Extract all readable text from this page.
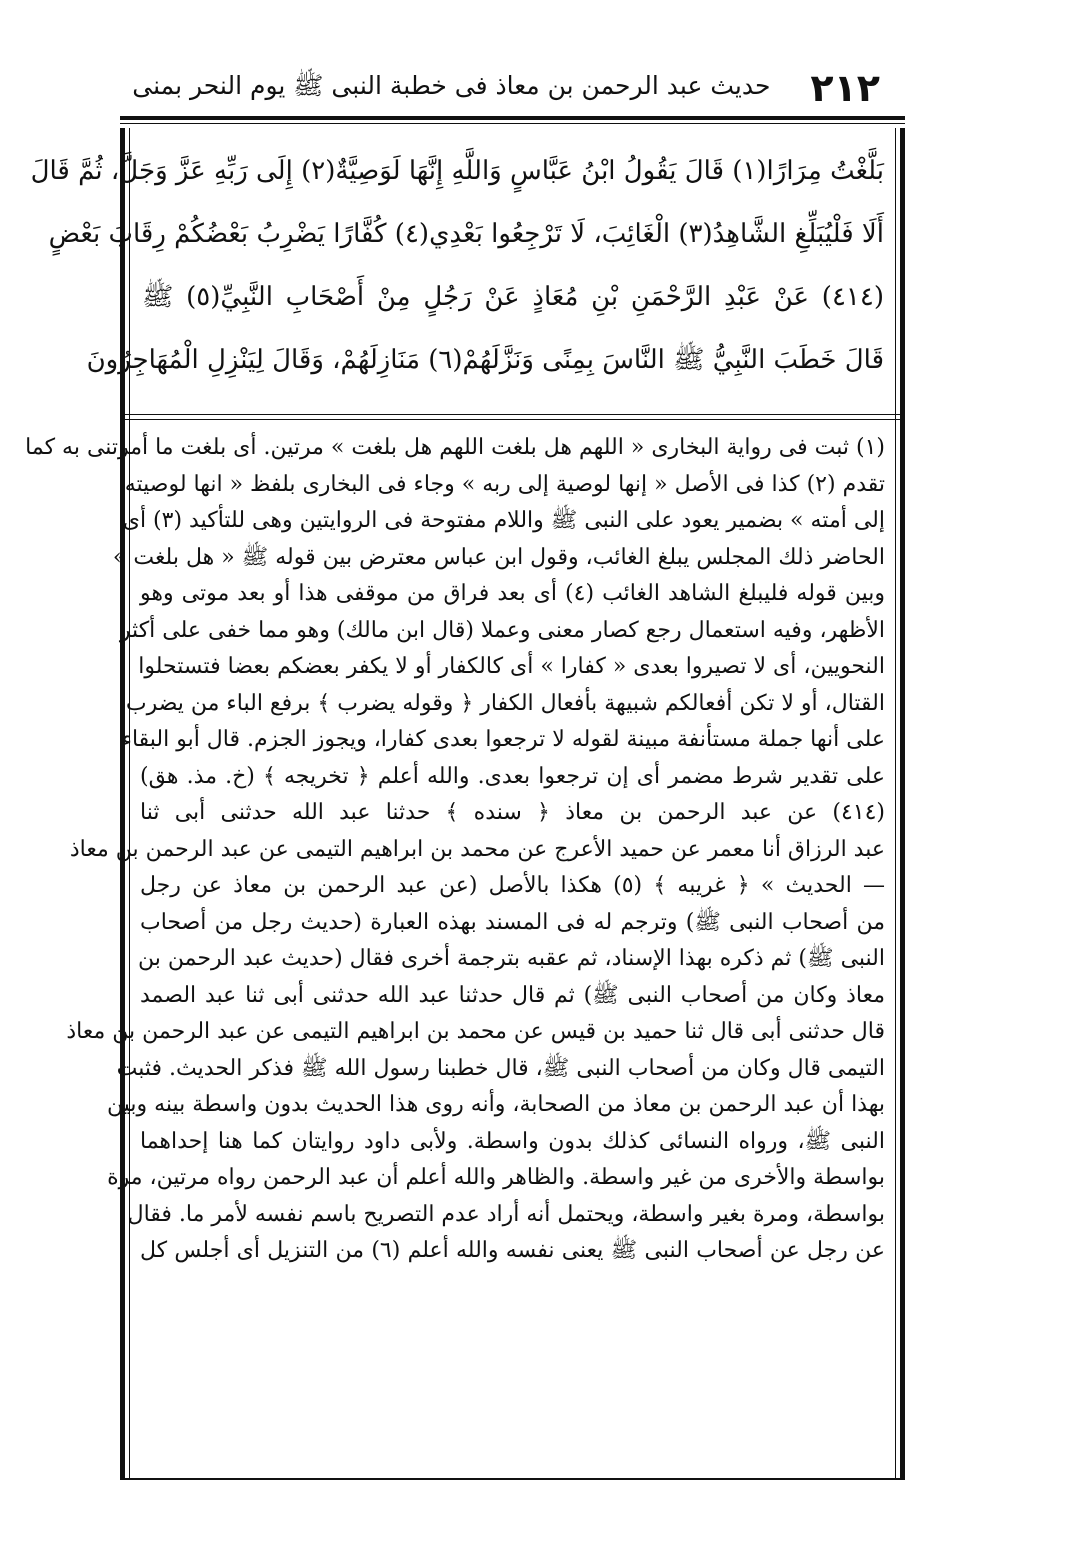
٢١٢
حديث عبد الرحمن بن معاذ فى خطبة النبى ﷺ يوم النحر بمنى
بَلَّغْتُ مِرَارًا(١) قَالَ يَقُولُ ابْنُ عَبَّاسٍ وَاللَّهِ إِنَّهَا لَوَصِيَّةٌ(٢) إِلَى رَبِّهِ عَزَّ وَجَلَّ، ثُمَّ قَالَ
أَلَا فَلْيُبَلِّغِ الشَّاهِدُ(٣) الْغَائِبَ، لَا تَرْجِعُوا بَعْدِي(٤) كُفَّارًا يَضْرِبُ بَعْضُكُمْ رِقَابَ بَعْضٍ
(٤١٤) عَنْ عَبْدِ الرَّحْمَنِ بْنِ مُعَاذٍ عَنْ رَجُلٍ مِنْ أَصْحَابِ النَّبِيِّ(٥) ﷺ
قَالَ خَطَبَ النَّبِيُّ ﷺ النَّاسَ بِمِنًى وَنَزَّلَهُمْ(٦) مَنَازِلَهُمْ، وَقَالَ لِيَنْزِلِ الْمُهَاجِرُونَ
(١) ثبت فى رواية البخارى « اللهم هل بلغت اللهم هل بلغت » مرتين. أى بلغت ما أمرتنى به كما
تقدم (٢) كذا فى الأصل « إنها لوصية إلى ربه » وجاء فى البخارى بلفظ « انها لوصيته
إلى أمته » بضمير يعود على النبى ﷺ واللام مفتوحة فى الروايتين وهى للتأكيد (٣) أى
الحاضر ذلك المجلس يبلغ الغائب، وقول ابن عباس معترض بين قوله ﷺ « هل بلغت »
وبين قوله فليبلغ الشاهد الغائب (٤) أى بعد فراق من موقفى هذا أو بعد موتى وهو
الأظهر، وفيه استعمال رجع كصار معنى وعملا (قال ابن مالك) وهو مما خفى على أكثر
النحويين، أى لا تصيروا بعدى « كفارا » أى كالكفار أو لا يكفر بعضكم بعضا فتستحلوا
القتال، أو لا تكن أفعالكم شبيهة بأفعال الكفار ﴿ وقوله يضرب ﴾ برفع الباء من يضرب
على أنها جملة مستأنفة مبينة لقوله لا ترجعوا بعدى كفارا، ويجوز الجزم. قال أبو البقاء
على تقدير شرط مضمر أى إن ترجعوا بعدى. والله أعلم ﴿ تخريجه ﴾ (خ. مذ. هق)
(٤١٤) عن عبد الرحمن بن معاذ ﴿ سنده ﴾ حدثنا عبد الله حدثنى أبى ثنا
عبد الرزاق أنا معمر عن حميد الأعرج عن محمد بن ابراهيم التيمى عن عبد الرحمن بن معاذ
— الحديث » ﴿ غريبه ﴾ (٥) هكذا بالأصل (عن عبد الرحمن بن معاذ عن رجل
من أصحاب النبى ﷺ) وترجم له فى المسند بهذه العبارة (حديث رجل من أصحاب
النبى ﷺ) ثم ذكره بهذا الإسناد، ثم عقبه بترجمة أخرى فقال (حديث عبد الرحمن بن
معاذ وكان من أصحاب النبى ﷺ) ثم قال حدثنا عبد الله حدثنى أبى ثنا عبد الصمد
قال حدثنى أبى قال ثنا حميد بن قيس عن محمد بن ابراهيم التيمى عن عبد الرحمن بن معاذ
التيمى قال وكان من أصحاب النبى ﷺ، قال خطبنا رسول الله ﷺ فذكر الحديث. فثبت
بهذا أن عبد الرحمن بن معاذ من الصحابة، وأنه روى هذا الحديث بدون واسطة بينه وبين
النبى ﷺ، ورواه النسائى كذلك بدون واسطة. ولأبى داود روايتان كما هنا إحداهما
بواسطة والأخرى من غير واسطة. والظاهر والله أعلم أن عبد الرحمن رواه مرتين، مرة
بواسطة، ومرة بغير واسطة، ويحتمل أنه أراد عدم التصريح باسم نفسه لأمر ما. فقال
عن رجل عن أصحاب النبى ﷺ يعنى نفسه والله أعلم (٦) من التنزيل أى أجلس كل
